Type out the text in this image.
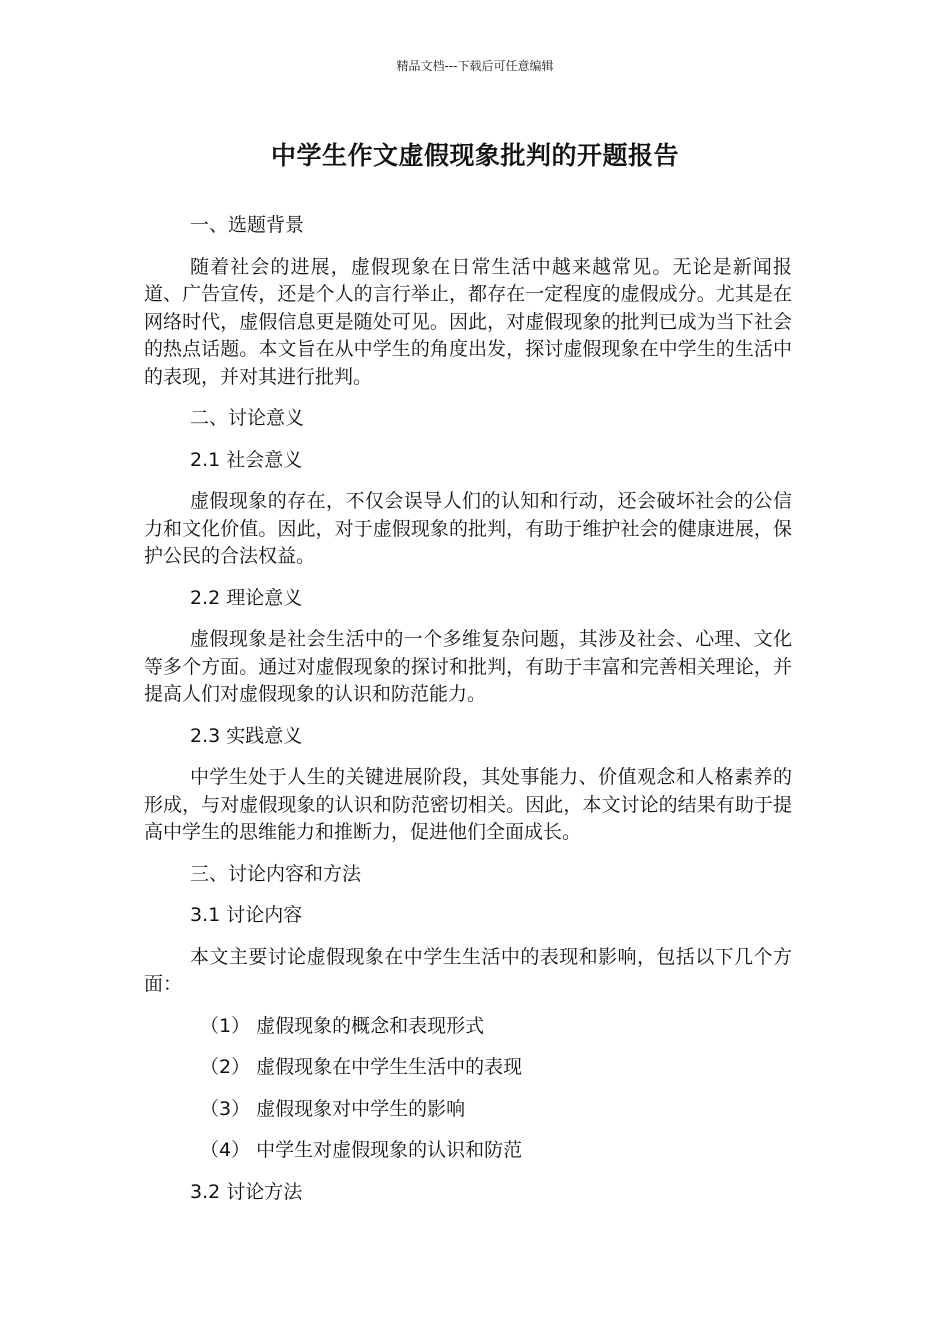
精品文档---下载后可任意编辑
中学生作文虚假现象批判的开题报告

一、选题背景

随着社会的进展，虚假现象在日常生活中越来越常见。无论是新闻报道、广告宣传，还是个人的言行举止，都存在一定程度的虚假成分。尤其是在网络时代，虚假信息更是随处可见。因此，对虚假现象的批判已成为当下社会的热点话题。本文旨在从中学生的角度出发，探讨虚假现象在中学生的生活中的表现，并对其进行批判。

二、讨论意义

2.1 社会意义

虚假现象的存在，不仅会误导人们的认知和行动，还会破坏社会的公信力和文化价值。因此，对于虚假现象的批判，有助于维护社会的健康进展，保护公民的合法权益。

2.2 理论意义

虚假现象是社会生活中的一个多维复杂问题，其涉及社会、心理、文化等多个方面。通过对虚假现象的探讨和批判，有助于丰富和完善相关理论，并提高人们对虚假现象的认识和防范能力。

2.3 实践意义

中学生处于人生的关键进展阶段，其处事能力、价值观念和人格素养的形成，与对虚假现象的认识和防范密切相关。因此，本文讨论的结果有助于提高中学生的思维能力和推断力，促进他们全面成长。

三、讨论内容和方法

3.1 讨论内容

本文主要讨论虚假现象在中学生生活中的表现和影响，包括以下几个方面：

（1） 虚假现象的概念和表现形式

（2） 虚假现象在中学生生活中的表现

（3） 虚假现象对中学生的影响

（4） 中学生对虚假现象的认识和防范

3.2 讨论方法
